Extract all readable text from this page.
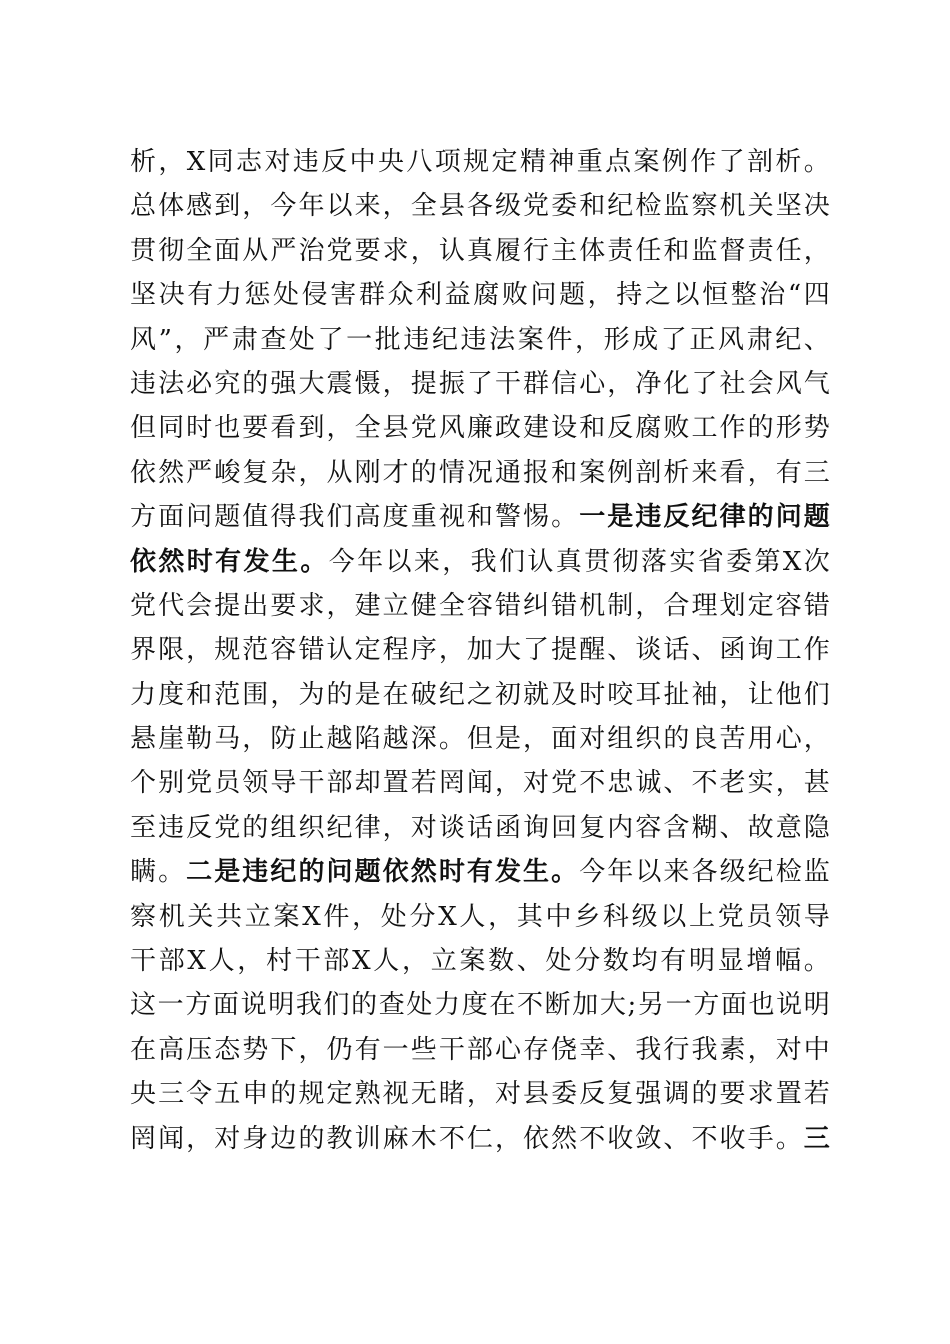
析，X同志对违反中央八项规定精神重点案例作了剖析。
总体感到，今年以来，全县各级党委和纪检监察机关坚决
贯彻全面从严治党要求，认真履行主体责任和监督责任，
坚决有力惩处侵害群众利益腐败问题，持之以恒整治“四
风”，严肃查处了一批违纪违法案件，形成了正风肃纪、
违法必究的强大震慑，提振了干群信心，净化了社会风气
但同时也要看到，全县党风廉政建设和反腐败工作的形势
依然严峻复杂，从刚才的情况通报和案例剖析来看，有三
方面问题值得我们高度重视和警惕。一是违反纪律的问题
依然时有发生。今年以来，我们认真贯彻落实省委第X次
党代会提出要求，建立健全容错纠错机制，合理划定容错
界限，规范容错认定程序，加大了提醒、谈话、函询工作
力度和范围，为的是在破纪之初就及时咬耳扯袖，让他们
悬崖勒马，防止越陷越深。但是，面对组织的良苦用心，
个别党员领导干部却置若罔闻，对党不忠诚、不老实，甚
至违反党的组织纪律，对谈话函询回复内容含糊、故意隐
瞒。二是违纪的问题依然时有发生。今年以来各级纪检监
察机关共立案X件，处分X人，其中乡科级以上党员领导
干部X人，村干部X人，立案数、处分数均有明显增幅。
这一方面说明我们的查处力度在不断加大;另一方面也说明
在高压态势下，仍有一些干部心存侥幸、我行我素，对中
央三令五申的规定熟视无睹，对县委反复强调的要求置若
罔闻，对身边的教训麻木不仁，依然不收敛、不收手。三
